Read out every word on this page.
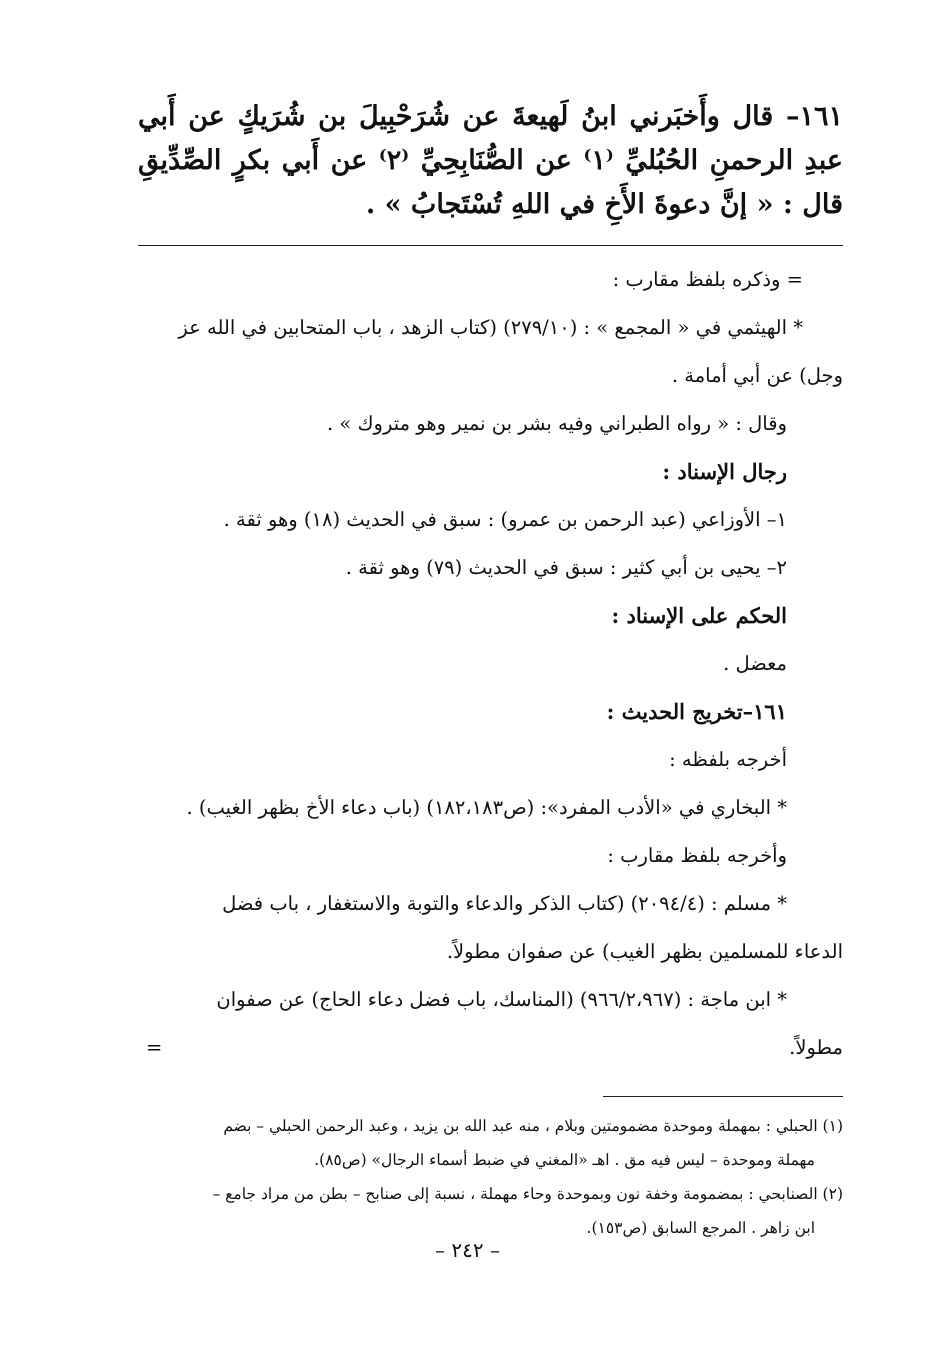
١٦١– قال وأَخبَرني ابنُ لَهيعةَ عن شُرَحْبِيلَ بن شُرَيكٍ عن أَبي عبدِ الرحمنِ الحُبُليِّ ⁽١⁾ عن الصُّنَابِحِيِّ ⁽٢⁾ عن أَبي بكرٍ الصِّدِّيقِ قال : « إنَّ دعوةَ الأَخِ في اللهِ تُسْتَجابُ » .
= وذكره بلفظ مقارب :
* الهيثمي في « المجمع » : (٢٧٩/١٠) (كتاب الزهد ، باب المتحابين في الله عز
وجل) عن أبي أمامة .
وقال : « رواه الطبراني وفيه بشر بن نمير وهو متروك » .
رجال الإسناد :
١– الأوزاعي (عبد الرحمن بن عمرو) : سبق في الحديث (١٨) وهو ثقة .
٢– يحيى بن أبي كثير : سبق في الحديث (٧٩) وهو ثقة .
الحكم على الإسناد :
معضل .
١٦١–تخريج الحديث :
أخرجه بلفظه :
* البخاري في «الأدب المفرد»: (ص١٨٢،١٨٣) (باب دعاء الأخ بظهر الغيب) .
وأخرجه بلفظ مقارب :
* مسلم : (٢٠٩٤/٤) (كتاب الذكر والدعاء والتوبة والاستغفار ، باب فضل
الدعاء للمسلمين بظهر الغيب) عن صفوان مطولاً.
* ابن ماجة : (٩٦٦/٢،٩٦٧) (المناسك، باب فضل دعاء الحاج) عن صفوان
مطولاً.
=
(١) الحبلي : بمهملة وموحدة مضمومتين وبلام ، منه عبد الله بن يزيد ، وعبد الرحمن الحبلي – بضم
مهملة وموحدة – ليس فيه مق . اهـ «المغني في ضبط أسماء الرجال» (ص٨٥).
(٢) الصنابحي : بمضمومة وخفة نون وبموحدة وحاء مهملة ، نسبة إلى صنابح – بطن من مراد جامع –
ابن زاهر . المرجع السابق (ص١٥٣).
– ٢٤٢ –
